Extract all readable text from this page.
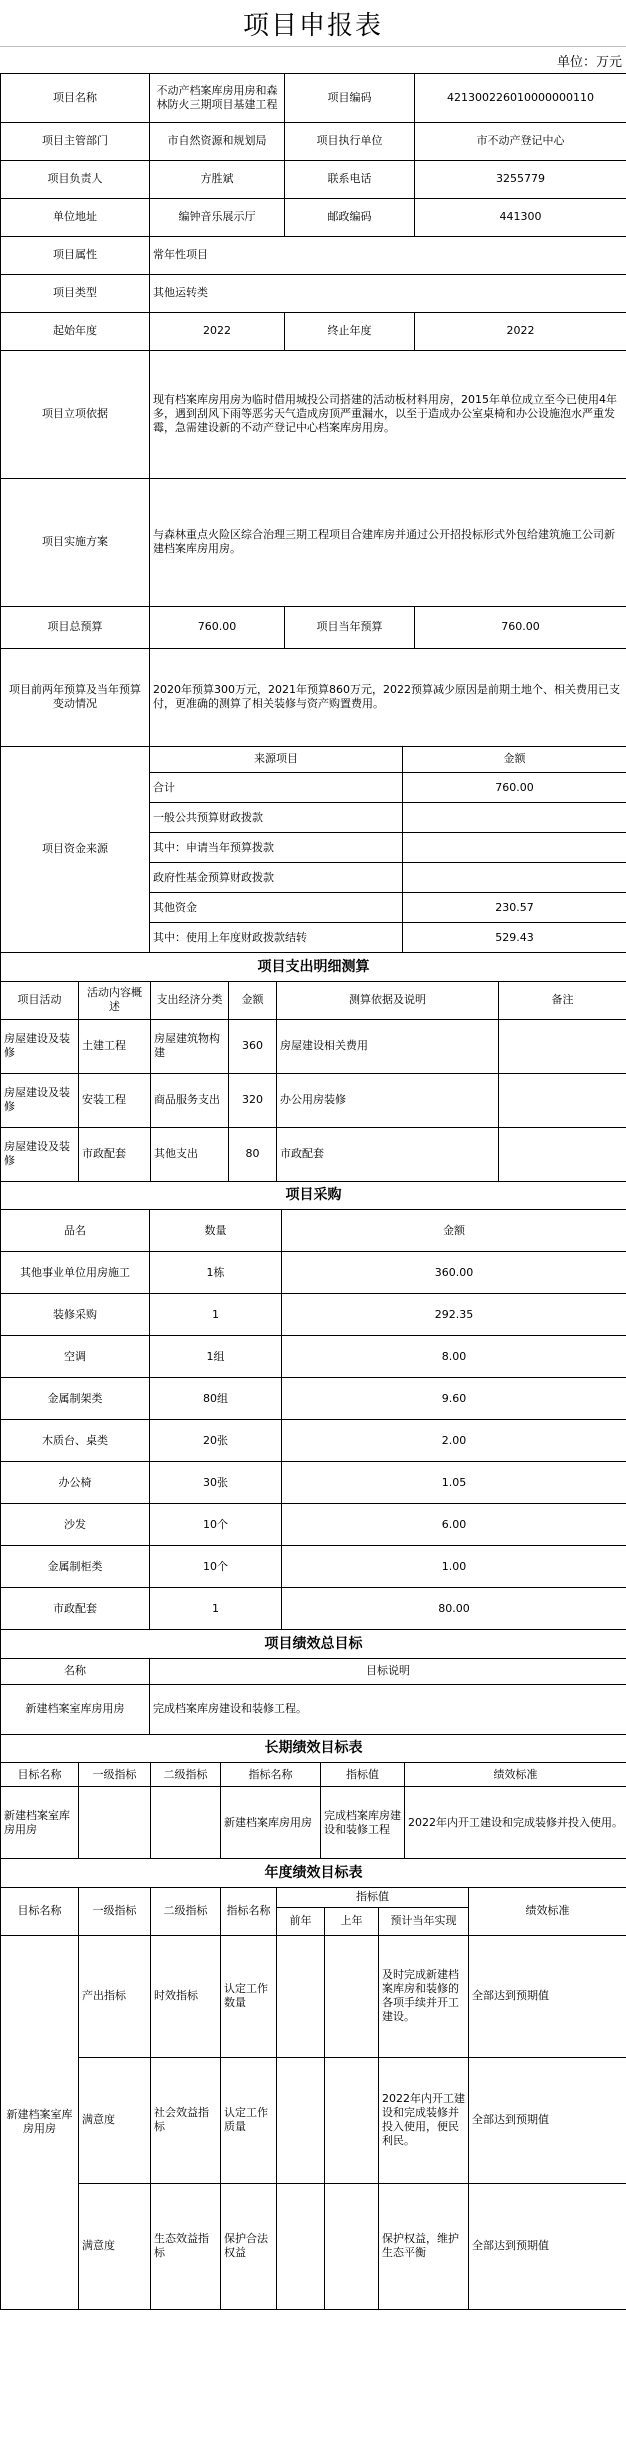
项目申报表
单位：万元
项目名称	不动产档案库房用房和森林防火三期项目基建工程	项目编码	421300226010000000110
项目主管部门	市自然资源和规划局	项目执行单位	市不动产登记中心
项目负责人	方胜斌	联系电话	3255779
单位地址	编钟音乐展示厅	邮政编码	441300
项目属性	常年性项目		
项目类型	其他运转类		
起始年度	2022	终止年度	2022
项目立项依据	现有档案库房用房为临时借用城投公司搭建的活动板材料用房，2015年单位成立至今已使用4年多，遇到刮风下雨等恶劣天气造成房顶严重漏水，以至于造成办公室桌椅和办公设施泡水严重发霉，急需建设新的不动产登记中心档案库房用房。		
项目实施方案	与森林重点火险区综合治理三期工程项目合建库房并通过公开招投标形式外包给建筑施工公司新建档案库房用房。		
项目总预算	760.00	项目当年预算	760.00
项目前两年预算及当年预算变动情况	2020年预算300万元，2021年预算860万元，2022预算减少原因是前期土地个、相关费用已支付，更准确的测算了相关装修与资产购置费用。		
项目资金来源	来源项目	金额
	合计	760.00
	一般公共预算财政拨款	
	其中：申请当年预算拨款	
	政府性基金预算财政拨款	
	其他资金	230.57
	其中：使用上年度财政拨款结转	529.43
项目支出明细测算					
项目活动	活动内容概述	支出经济分类	金额	测算依据及说明	备注
房屋建设及装修	土建工程	房屋建筑物构建	360	房屋建设相关费用	
房屋建设及装修	安装工程	商品服务支出	320	办公用房装修	
房屋建设及装修	市政配套	其他支出	80	市政配套	
项目采购		
品名	数量	金额
其他事业单位用房施工	1栋	360.00
装修采购	1	292.35
空调	1组	8.00
金属制架类	80组	9.60
木质台、桌类	20张	2.00
办公椅	30张	1.05
沙发	10个	6.00
金属制柜类	10个	1.00
市政配套	1	80.00
项目绩效总目标	
名称	目标说明
新建档案室库房用房	完成档案库房建设和装修工程。
长期绩效目标表					
目标名称	一级指标	二级指标	指标名称	指标值	绩效标准
新建档案室库房用房			新建档案库房用房	完成档案库房建设和装修工程	2022年内开工建设和完成装修并投入使用。
年度绩效目标表							
目标名称	一级指标	二级指标	指标名称	指标值			绩效标准
				前年	上年	预计当年实现	
新建档案室库房用房	产出指标	时效指标	认定工作数量			及时完成新建档案库房和装修的各项手续并开工建设。	全部达到预期值
	满意度	社会效益指标	认定工作质量			2022年内开工建设和完成装修并投入使用，便民利民。	全部达到预期值
	满意度	生态效益指标	保护合法权益			保护权益，维护生态平衡	全部达到预期值
